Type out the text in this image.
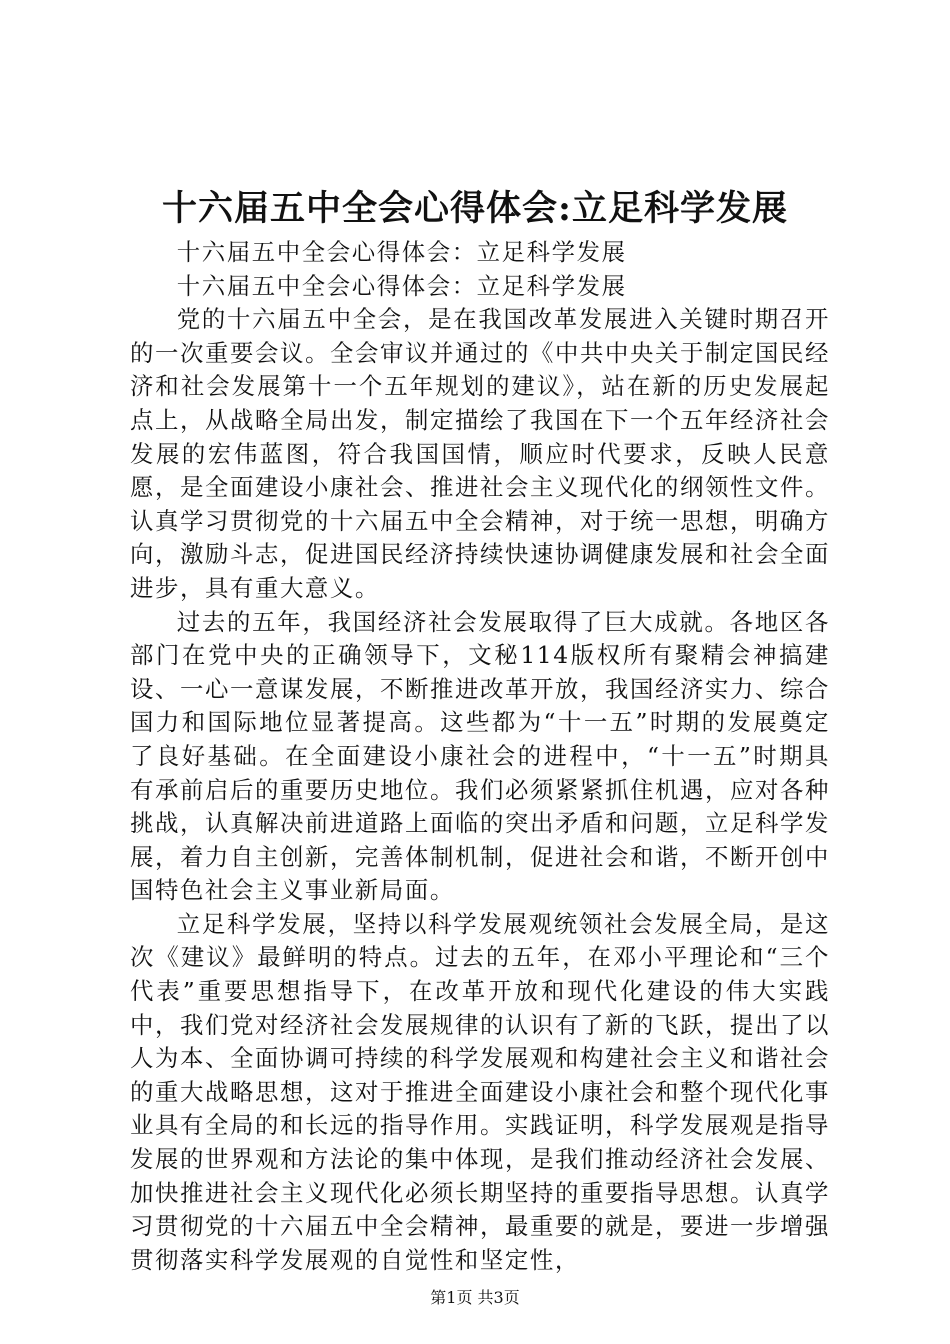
十六届五中全会心得体会:立足科学发展

十六届五中全会心得体会：立足科学发展

十六届五中全会心得体会：立足科学发展

党的十六届五中全会，是在我国改革发展进入关键时期召开的一次重要会议。全会审议并通过的《中共中央关于制定国民经济和社会发展第十一个五年规划的建议》，站在新的历史发展起点上，从战略全局出发，制定描绘了我国在下一个五年经济社会发展的宏伟蓝图，符合我国国情，顺应时代要求，反映人民意愿，是全面建设小康社会、推进社会主义现代化的纲领性文件。认真学习贯彻党的十六届五中全会精神，对于统一思想，明确方向，激励斗志，促进国民经济持续快速协调健康发展和社会全面进步，具有重大意义。

过去的五年，我国经济社会发展取得了巨大成就。各地区各部门在党中央的正确领导下，文秘114版权所有聚精会神搞建设、一心一意谋发展，不断推进改革开放，我国经济实力、综合国力和国际地位显著提高。这些都为“十一五”时期的发展奠定了良好基础。在全面建设小康社会的进程中，“十一五”时期具有承前启后的重要历史地位。我们必须紧紧抓住机遇，应对各种挑战，认真解决前进道路上面临的突出矛盾和问题，立足科学发展，着力自主创新，完善体制机制，促进社会和谐，不断开创中国特色社会主义事业新局面。

立足科学发展，坚持以科学发展观统领社会发展全局，是这次《建议》最鲜明的特点。过去的五年，在邓小平理论和“三个代表”重要思想指导下，在改革开放和现代化建设的伟大实践中，我们党对经济社会发展规律的认识有了新的飞跃，提出了以人为本、全面协调可持续的科学发展观和构建社会主义和谐社会的重大战略思想，这对于推进全面建设小康社会和整个现代化事业具有全局的和长远的指导作用。实践证明，科学发展观是指导发展的世界观和方法论的集中体现，是我们推动经济社会发展、加快推进社会主义现代化必须长期坚持的重要指导思想。认真学习贯彻党的十六届五中全会精神，最重要的就是，要进一步增强贯彻落实科学发展观的自觉性和坚定性，

第1页 共3页
